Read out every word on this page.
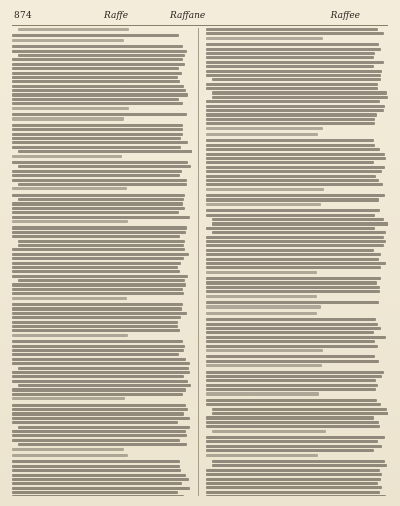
874	Raffe	Raffane	Raffee
